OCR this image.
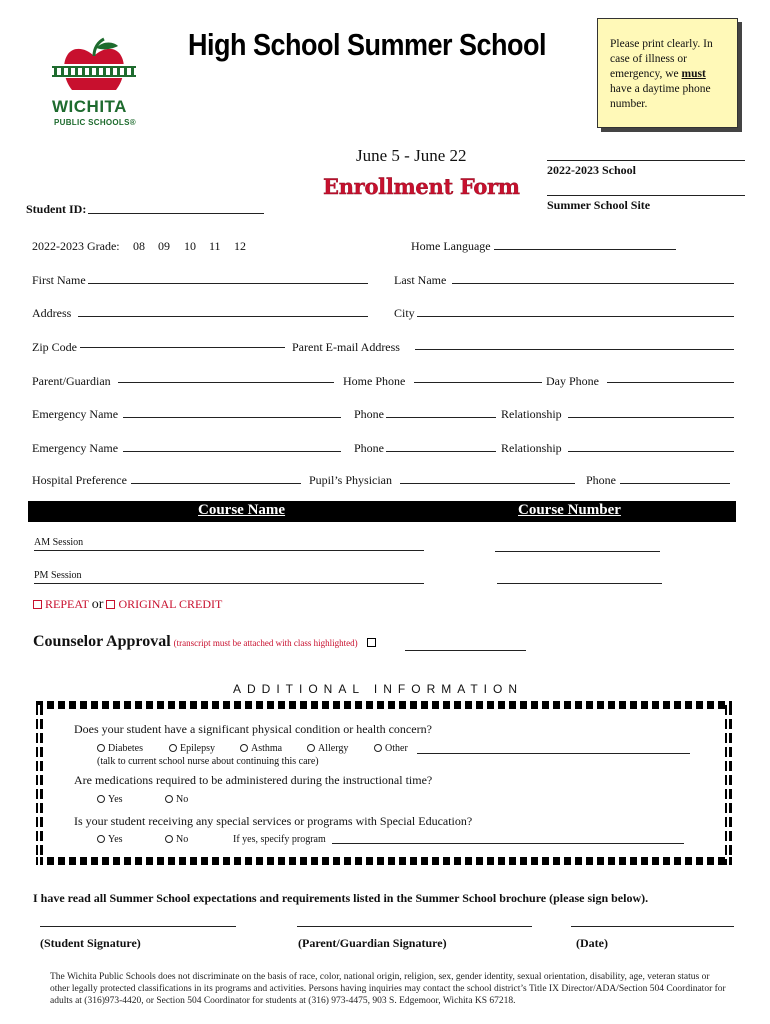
WICHITA
PUBLIC SCHOOLS®
High School Summer School	Please print clearly. In case of illness or emergency, we must have a daytime phone number.
June 5 - June 22
Enrollment Form
2022-2023 School
Summer School Site
Student ID:
2022-2023 Grade: 08 09 10 11 12	Home Language
First Name	Last Name
Address	City
Zip Code	Parent E-mail Address
Parent/Guardian	Home Phone	Day Phone
Emergency Name	Phone	Relationship
Emergency Name	Phone	Relationship
Hospital Preference	Pupil’s Physician	Phone
Course Name	Course Number
AM Session
PM Session
REPEAT or ORIGINAL CREDIT
Counselor Approval (transcript must be attached with class highlighted)
ADDITIONAL INFORMATION
Does your student have a significant physical condition or health concern?
Diabetes	Epilepsy	Asthma	Allergy	Other
(talk to current school nurse about continuing this care)
Are medications required to be administered during the instructional time?
Yes	No
Is your student receiving any special services or programs with Special Education?
Yes	No	If yes, specify program
I have read all Summer School expectations and requirements listed in the Summer School brochure (please sign below).
(Student Signature)	(Parent/Guardian Signature)	(Date)
The Wichita Public Schools does not discriminate on the basis of race, color, national origin, religion, sex, gender identity, sexual orientation, disability, age, veteran status or other legally protected classifications in its programs and activities. Persons having inquiries may contact the school district’s Title IX Director/ADA/Section 504 Coordinator for adults at (316)973-4420, or Section 504 Coordinator for students at (316) 973-4475, 903 S. Edgemoor, Wichita KS 67218.
